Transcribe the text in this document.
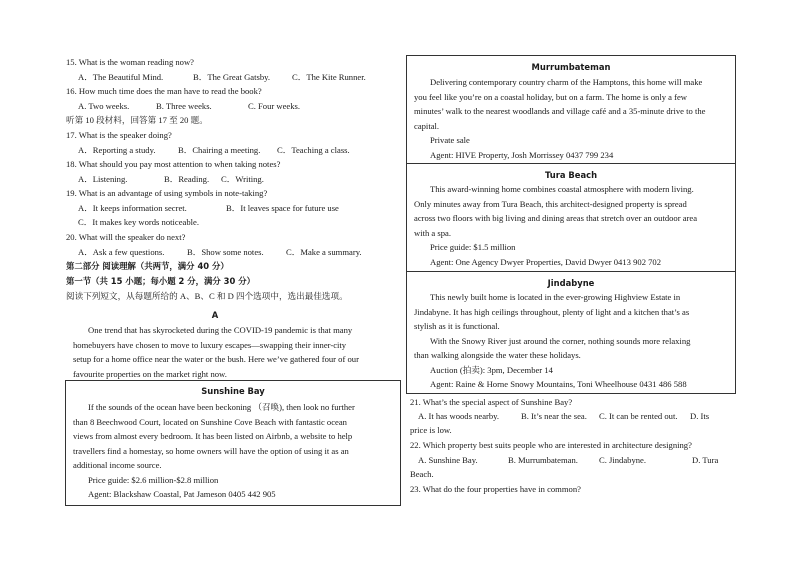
15. What is the woman reading now?
A．The Beautiful Mind.	B．The Great Gatsby.	C．The Kite Runner.
16. How much time does the man have to read the book?
A. Two weeks.	B. Three weeks.	C. Four weeks.
听第 10 段材料，回答第 17 至 20 题。
17. What is the speaker doing?
A．Reporting a study.	B．Chairing a meeting. C．Teaching a class.
18. What should you pay most attention to when taking notes?
A．Listening.	B．Reading. C．Writing.
19. What is an advantage of using symbols in note-taking?
A．It keeps information secret.	B．It leaves space for future use
C．It makes key words noticeable.
20. What will the speaker do next?
A．Ask a few questions.	B．Show some notes.	C．Make a summary.
第二部分 阅读理解（共两节，满分 40 分）
第一节（共 15 小题；每小题 2 分，满分 30 分）
阅读下列短文，从每题所给的 A、B、C 和 D 四个选项中，选出最佳选项。
A
One trend that has skyrocketed during the COVID-19 pandemic is that many
homebuyers have chosen to move to luxury escapes—swapping their inner-city
setup for a home office near the water or the bush. Here we’ve gathered four of our
favourite properties on the market right now.
Sunshine Bay
If the sounds of the ocean have been beckoning （召唤), then look no further
than 8 Beechwood Court, located on Sunshine Cove Beach with fantastic ocean
views from almost every bedroom. It has been listed on Airbnb, a website to help
travellers find a homestay, so home owners will have the option of using it as an
additional income source.
Price guide: $2.6 million-$2.8 million
Agent: Blackshaw Coastal, Pat Jameson 0405 442 905
Murrumbateman
Delivering contemporary country charm of the Hamptons, this home will make
you feel like you’re on a coastal holiday, but on a farm. The home is only a few
minutes’ walk to the nearest woodlands and village café and a 35-minute drive to the
capital.
Private sale
Agent: HIVE Property, Josh Morrissey 0437 799 234
Tura Beach
This award-winning home combines coastal atmosphere with modern living.
Only minutes away from Tura Beach, this architect-designed property is spread
across two floors with big living and dining areas that stretch over an outdoor area
with a spa.
Price guide: $1.5 million
Agent: One Agency Dwyer Properties, David Dwyer 0413 902 702
Jindabyne
This newly built home is located in the ever-growing Highview Estate in
Jindabyne. It has high ceilings throughout, plenty of light and a kitchen that’s as
stylish as it is functional.
With the Snowy River just around the corner, nothing sounds more relaxing
than walking alongside the water these holidays.
Auction (拍卖): 3pm, December 14
Agent: Raine & Horne Snowy Mountains, Toni Wheelhouse 0431 486 588
21. What’s the special aspect of Sunshine Bay?
A. It has woods nearby.	B. It’s near the sea. C. It can be rented out. D. Its
price is low.
22. Which property best suits people who are interested in architecture designing?
A. Sunshine Bay.	B. Murrumbateman. C. Jindabyne.	D. Tura
Beach.
23. What do the four properties have in common?
